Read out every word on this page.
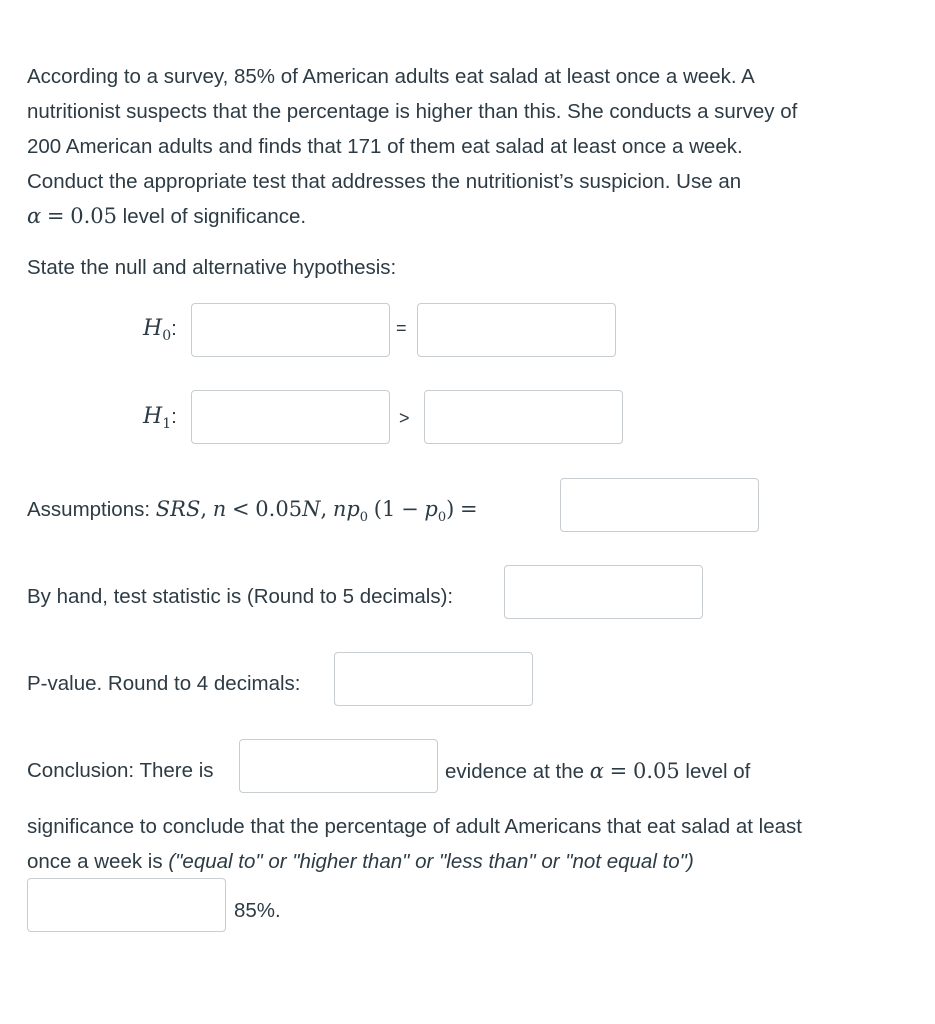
According to a survey, 85% of American adults eat salad at least once a week. A
nutritionist suspects that the percentage is higher than this. She conducts a survey of
200 American adults and finds that 171 of them eat salad at least once a week.
Conduct the appropriate test that addresses the nutritionist’s suspicion. Use an
α = 0.05 level of significance.
State the null and alternative hypothesis:
$H_0$:	=
$H_1$:	>
Assumptions: SRS, n < 0.05N, $np_0$ $(1 - p_0)$ =
By hand, test statistic is (Round to 5 decimals):
P-value. Round to 4 decimals:
Conclusion: There is	evidence at the α = 0.05 level of
significance to conclude that the percentage of adult Americans that eat salad at least
once a week is ("equal to" or "higher than" or "less than" or "not equal to")
85%.
